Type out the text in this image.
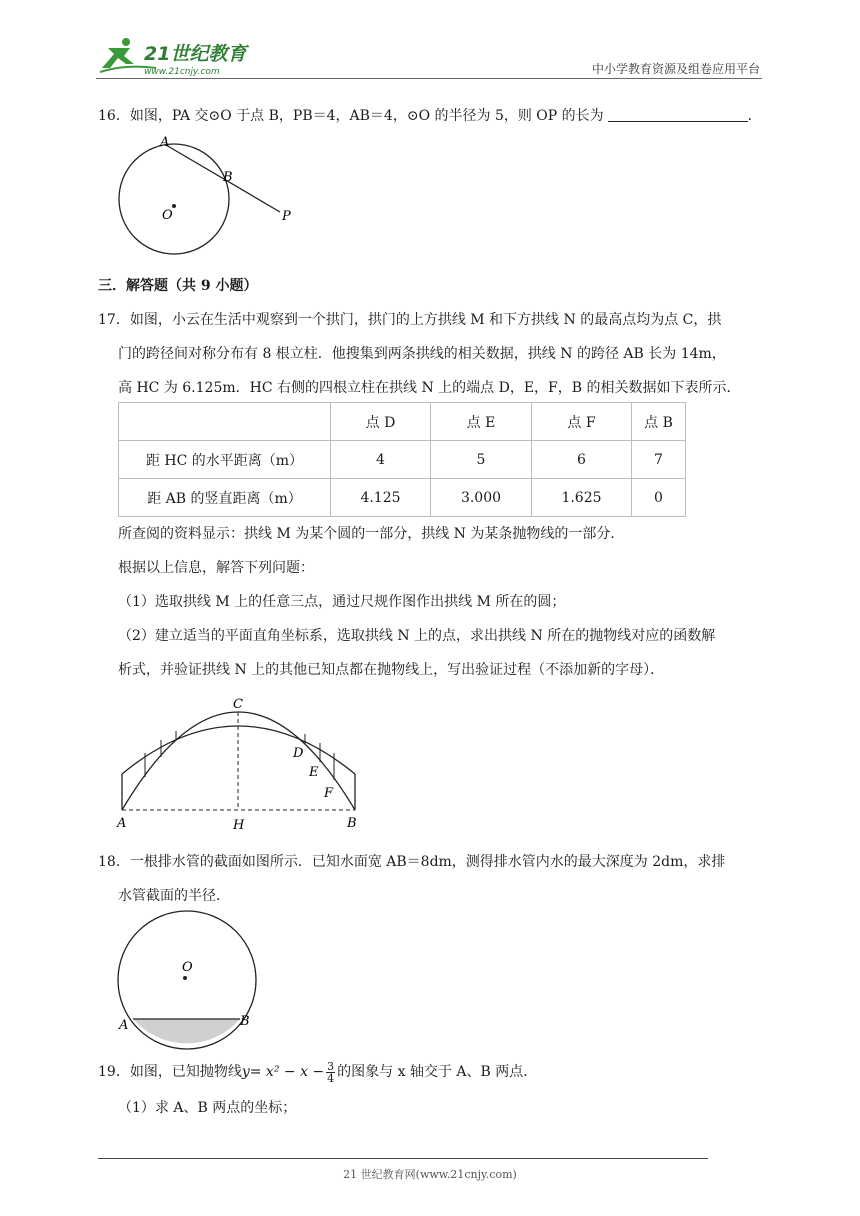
21世纪教育
www.21cnjy.com	中小学教育资源及组卷应用平台
16．如图，PA 交⊙O 于点 B，PB＝4，AB＝4，⊙O 的半径为 5，则 OP 的长为	．
A
B
O	P
三．解答题（共 9 小题）
17．如图，小云在生活中观察到一个拱门，拱门的上方拱线 M 和下方拱线 N 的最高点均为点 C，拱
门的跨径间对称分布有 8 根立柱．他搜集到两条拱线的相关数据，拱线 N 的跨径 AB 长为 14m，
高 HC 为 6.125m．HC 右侧的四根立柱在拱线 N 上的端点 D，E，F，B 的相关数据如下表所示．
	点 D	点 E	点 F	点 B
距 HC 的水平距离（m）	4	5	6	7
距 AB 的竖直距离（m）	4.125	3.000	1.625	0
所查阅的资料显示：拱线 M 为某个圆的一部分，拱线 N 为某条抛物线的一部分．
根据以上信息，解答下列问题：
（1）选取拱线 M 上的任意三点，通过尺规作图作出拱线 M 所在的圆；
（2）建立适当的平面直角坐标系，选取拱线 N 上的点，求出拱线 N 所在的抛物线对应的函数解
析式，并验证拱线 N 上的其他已知点都在抛物线上，写出验证过程（不添加新的字母）．
C
D
E
F
A	H	B
18．一根排水管的截面如图所示．已知水面宽 AB＝8dm，测得排水管内水的最大深度为 2dm，求排
水管截面的半径．
O
A	B
19．如图，已知抛物线 $y = x^2 - x - \frac{3}{4}$ 的图象与 x 轴交于 A、B 两点．
（1）求 A、B 两点的坐标；
21 世纪教育网(www.21cnjy.com)
